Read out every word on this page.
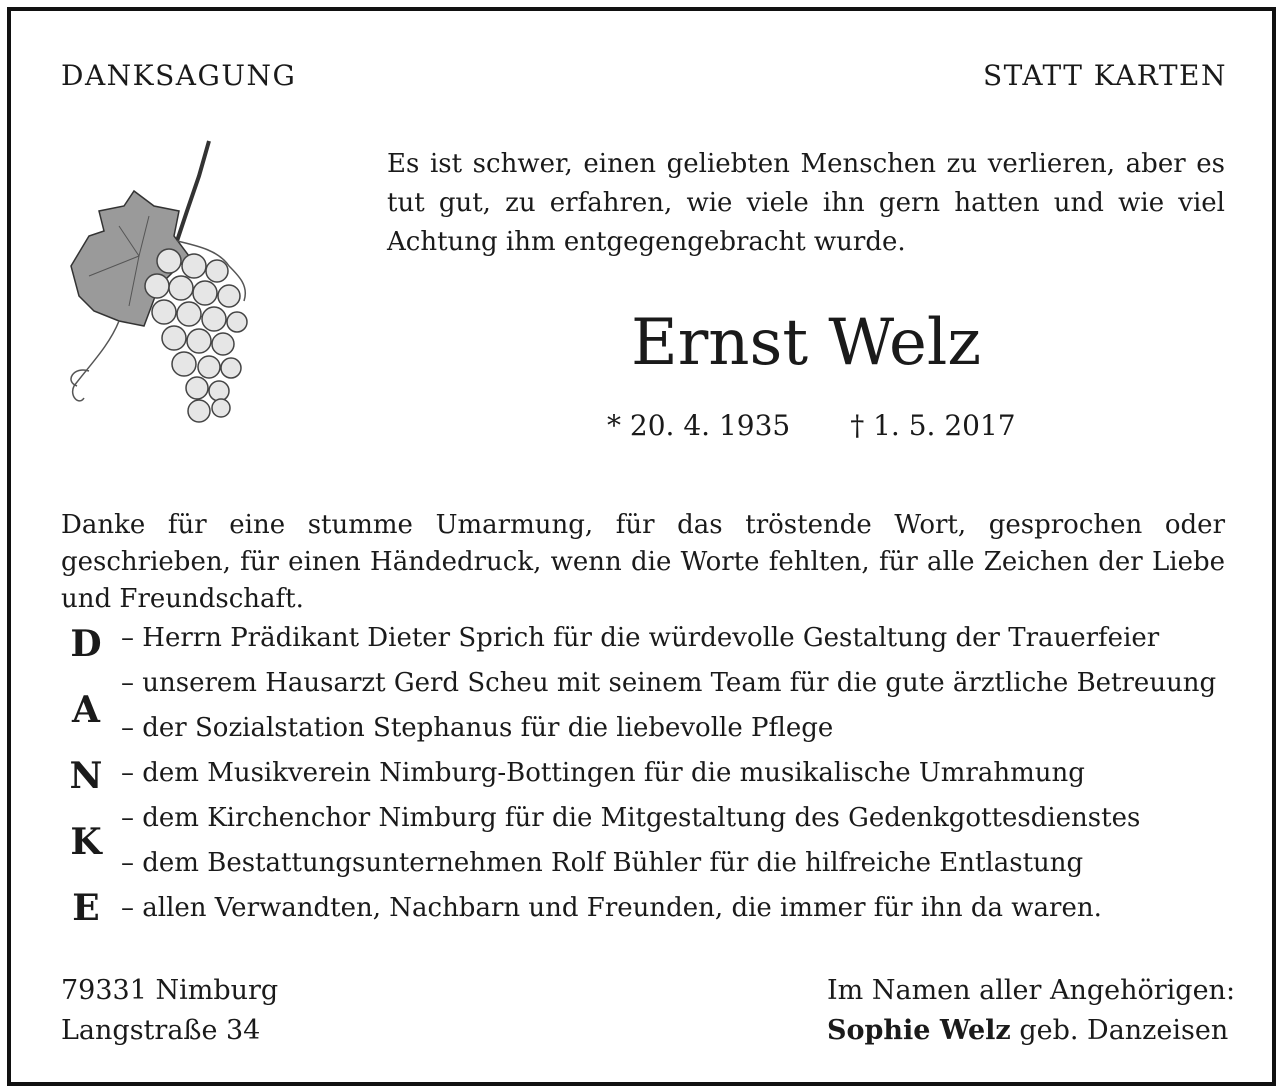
DANKSAGUNG	STATT KARTEN
Es ist schwer, einen geliebten Menschen zu verlieren, aber es tut gut, zu erfahren, wie viele ihn gern hatten und wie viel Achtung ihm entgegengebracht wurde.
Ernst Welz
* 20. 4. 1935 † 1. 5. 2017
Danke für eine stumme Umarmung, für das tröstende Wort, gesprochen oder geschrieben, für einen Händedruck, wenn die Worte fehlten, für alle Zeichen der Liebe und Freundschaft.
D
A
N
K
E
– Herrn Prädikant Dieter Sprich für die würdevolle Gestaltung der Trauerfeier
– unserem Hausarzt Gerd Scheu mit seinem Team für die gute ärztliche Betreuung
– der Sozialstation Stephanus für die liebevolle Pflege
– dem Musikverein Nimburg-Bottingen für die musikalische Umrahmung
– dem Kirchenchor Nimburg für die Mitgestaltung des Gedenkgottesdienstes
– dem Bestattungsunternehmen Rolf Bühler für die hilfreiche Entlastung
– allen Verwandten, Nachbarn und Freunden, die immer für ihn da waren.
79331 Nimburg
Langstraße 34
Im Namen aller Angehörigen:
Sophie Welz geb. Danzeisen
